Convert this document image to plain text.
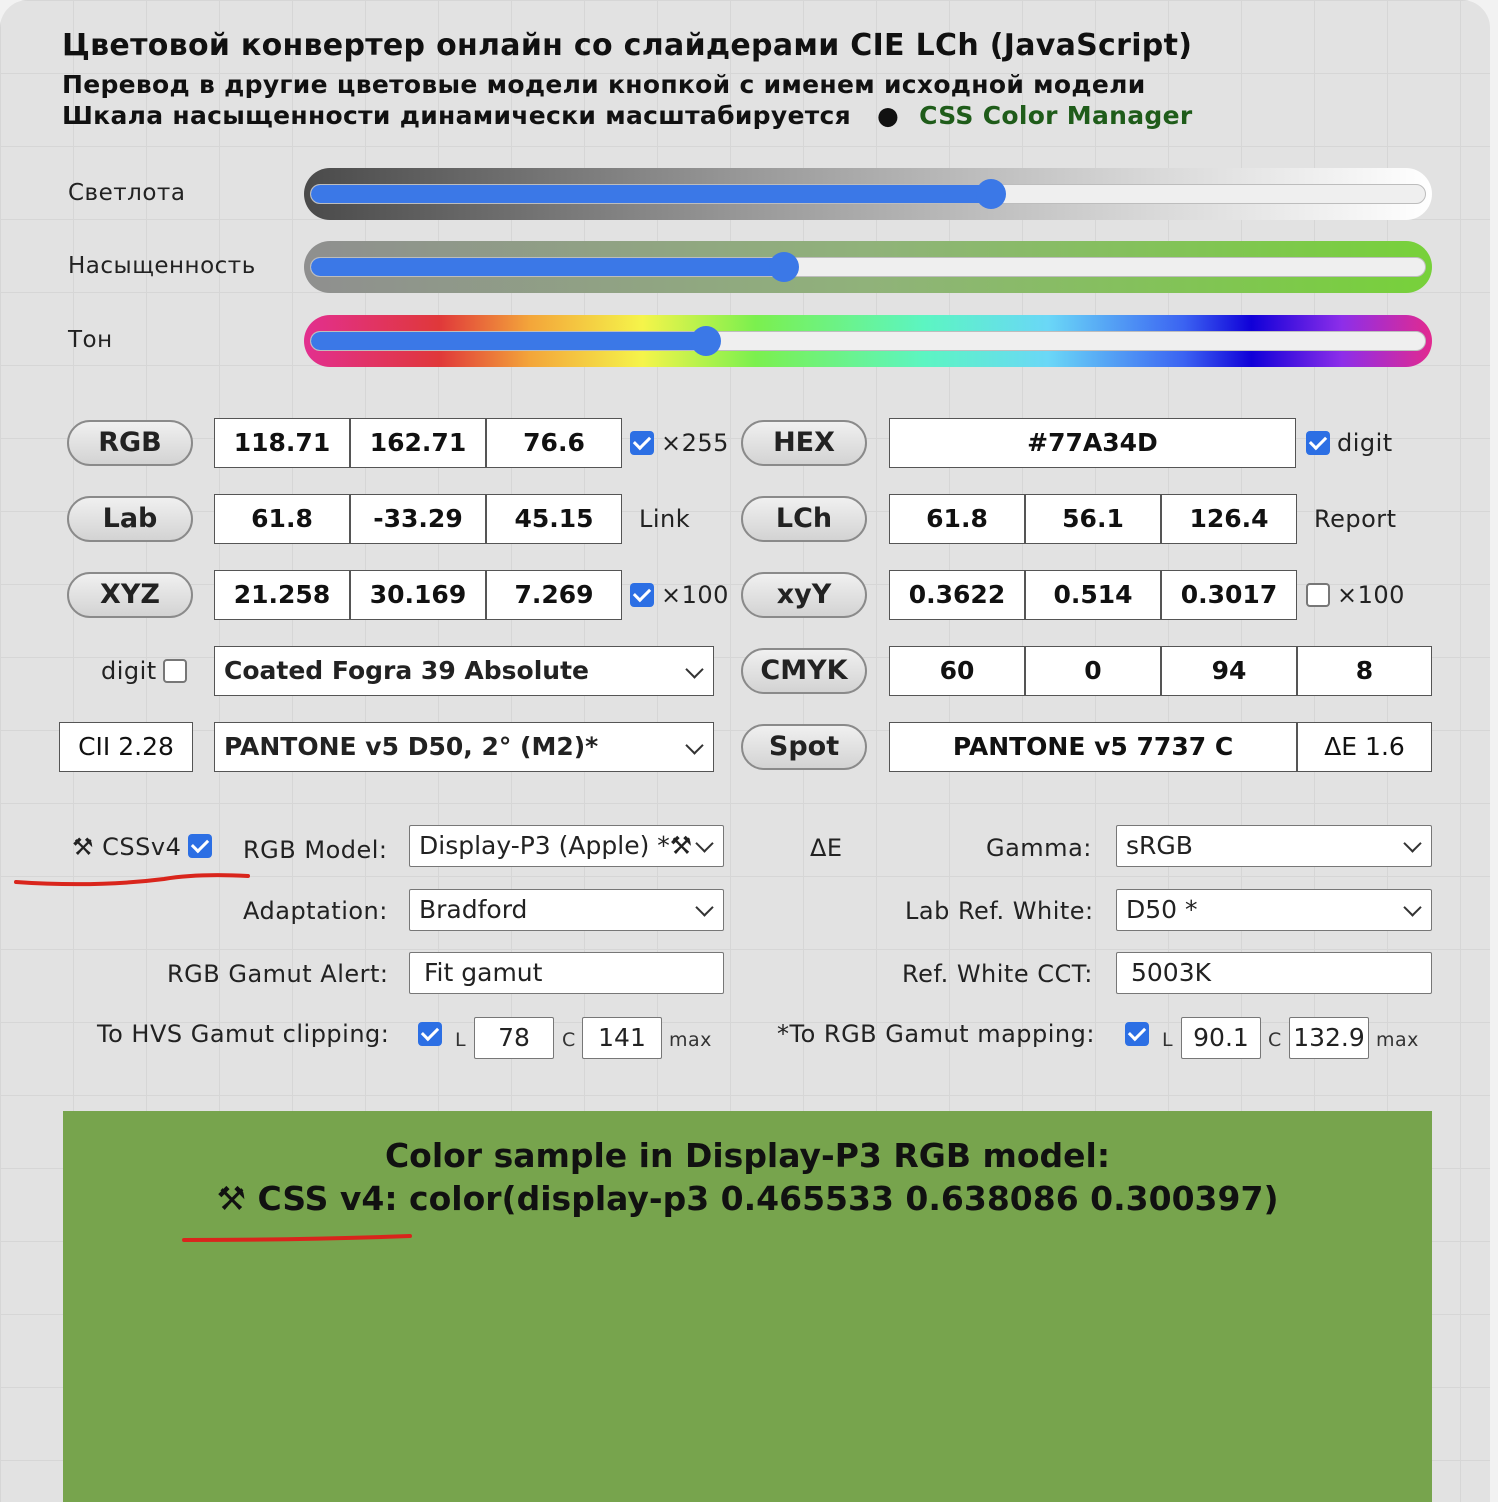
Цветовой конвертер онлайн со слайдерами CIE LCh (JavaScript)

Перевод в другие цветовые модели кнопкой с именем исходной модели

Шкала насыщенности динамически масштабируется ● CSS Color Manager

Светлота
Насыщенность
Тон
RGB	118.71	162.71	76.6	×255	HEX	#77A34D	digit
Lab	61.8	-33.29	45.15	Link	LCh	61.8	56.1	126.4	Report
XYZ	21.258	30.169	7.269	×100	xyY	0.3622	0.514	0.3017	×100
digit	Coated Fogra 39 Absolute	CMYK	60	0	94	8
CII 2.28	PANTONE v5 D50, 2° (M2)*	Spot	PANTONE v5 7737 C	ΔE 1.6
⚒ CSSv4	RGB Model:	Display-P3 (Apple) *⚒	ΔE	Gamma:	sRGB
Adaptation:	Bradford	Lab Ref. White:	D50 *
RGB Gamut Alert:	Fit gamut	Ref. White CCT:	5003K
To HVS Gamut clipping:	L	78	C 141	max	*To RGB Gamut mapping:	L 90.1	C 132.9 max
Color sample in Display-P3 RGB model:
⚒ CSS v4: color(display-p3 0.465533 0.638086 0.300397)
